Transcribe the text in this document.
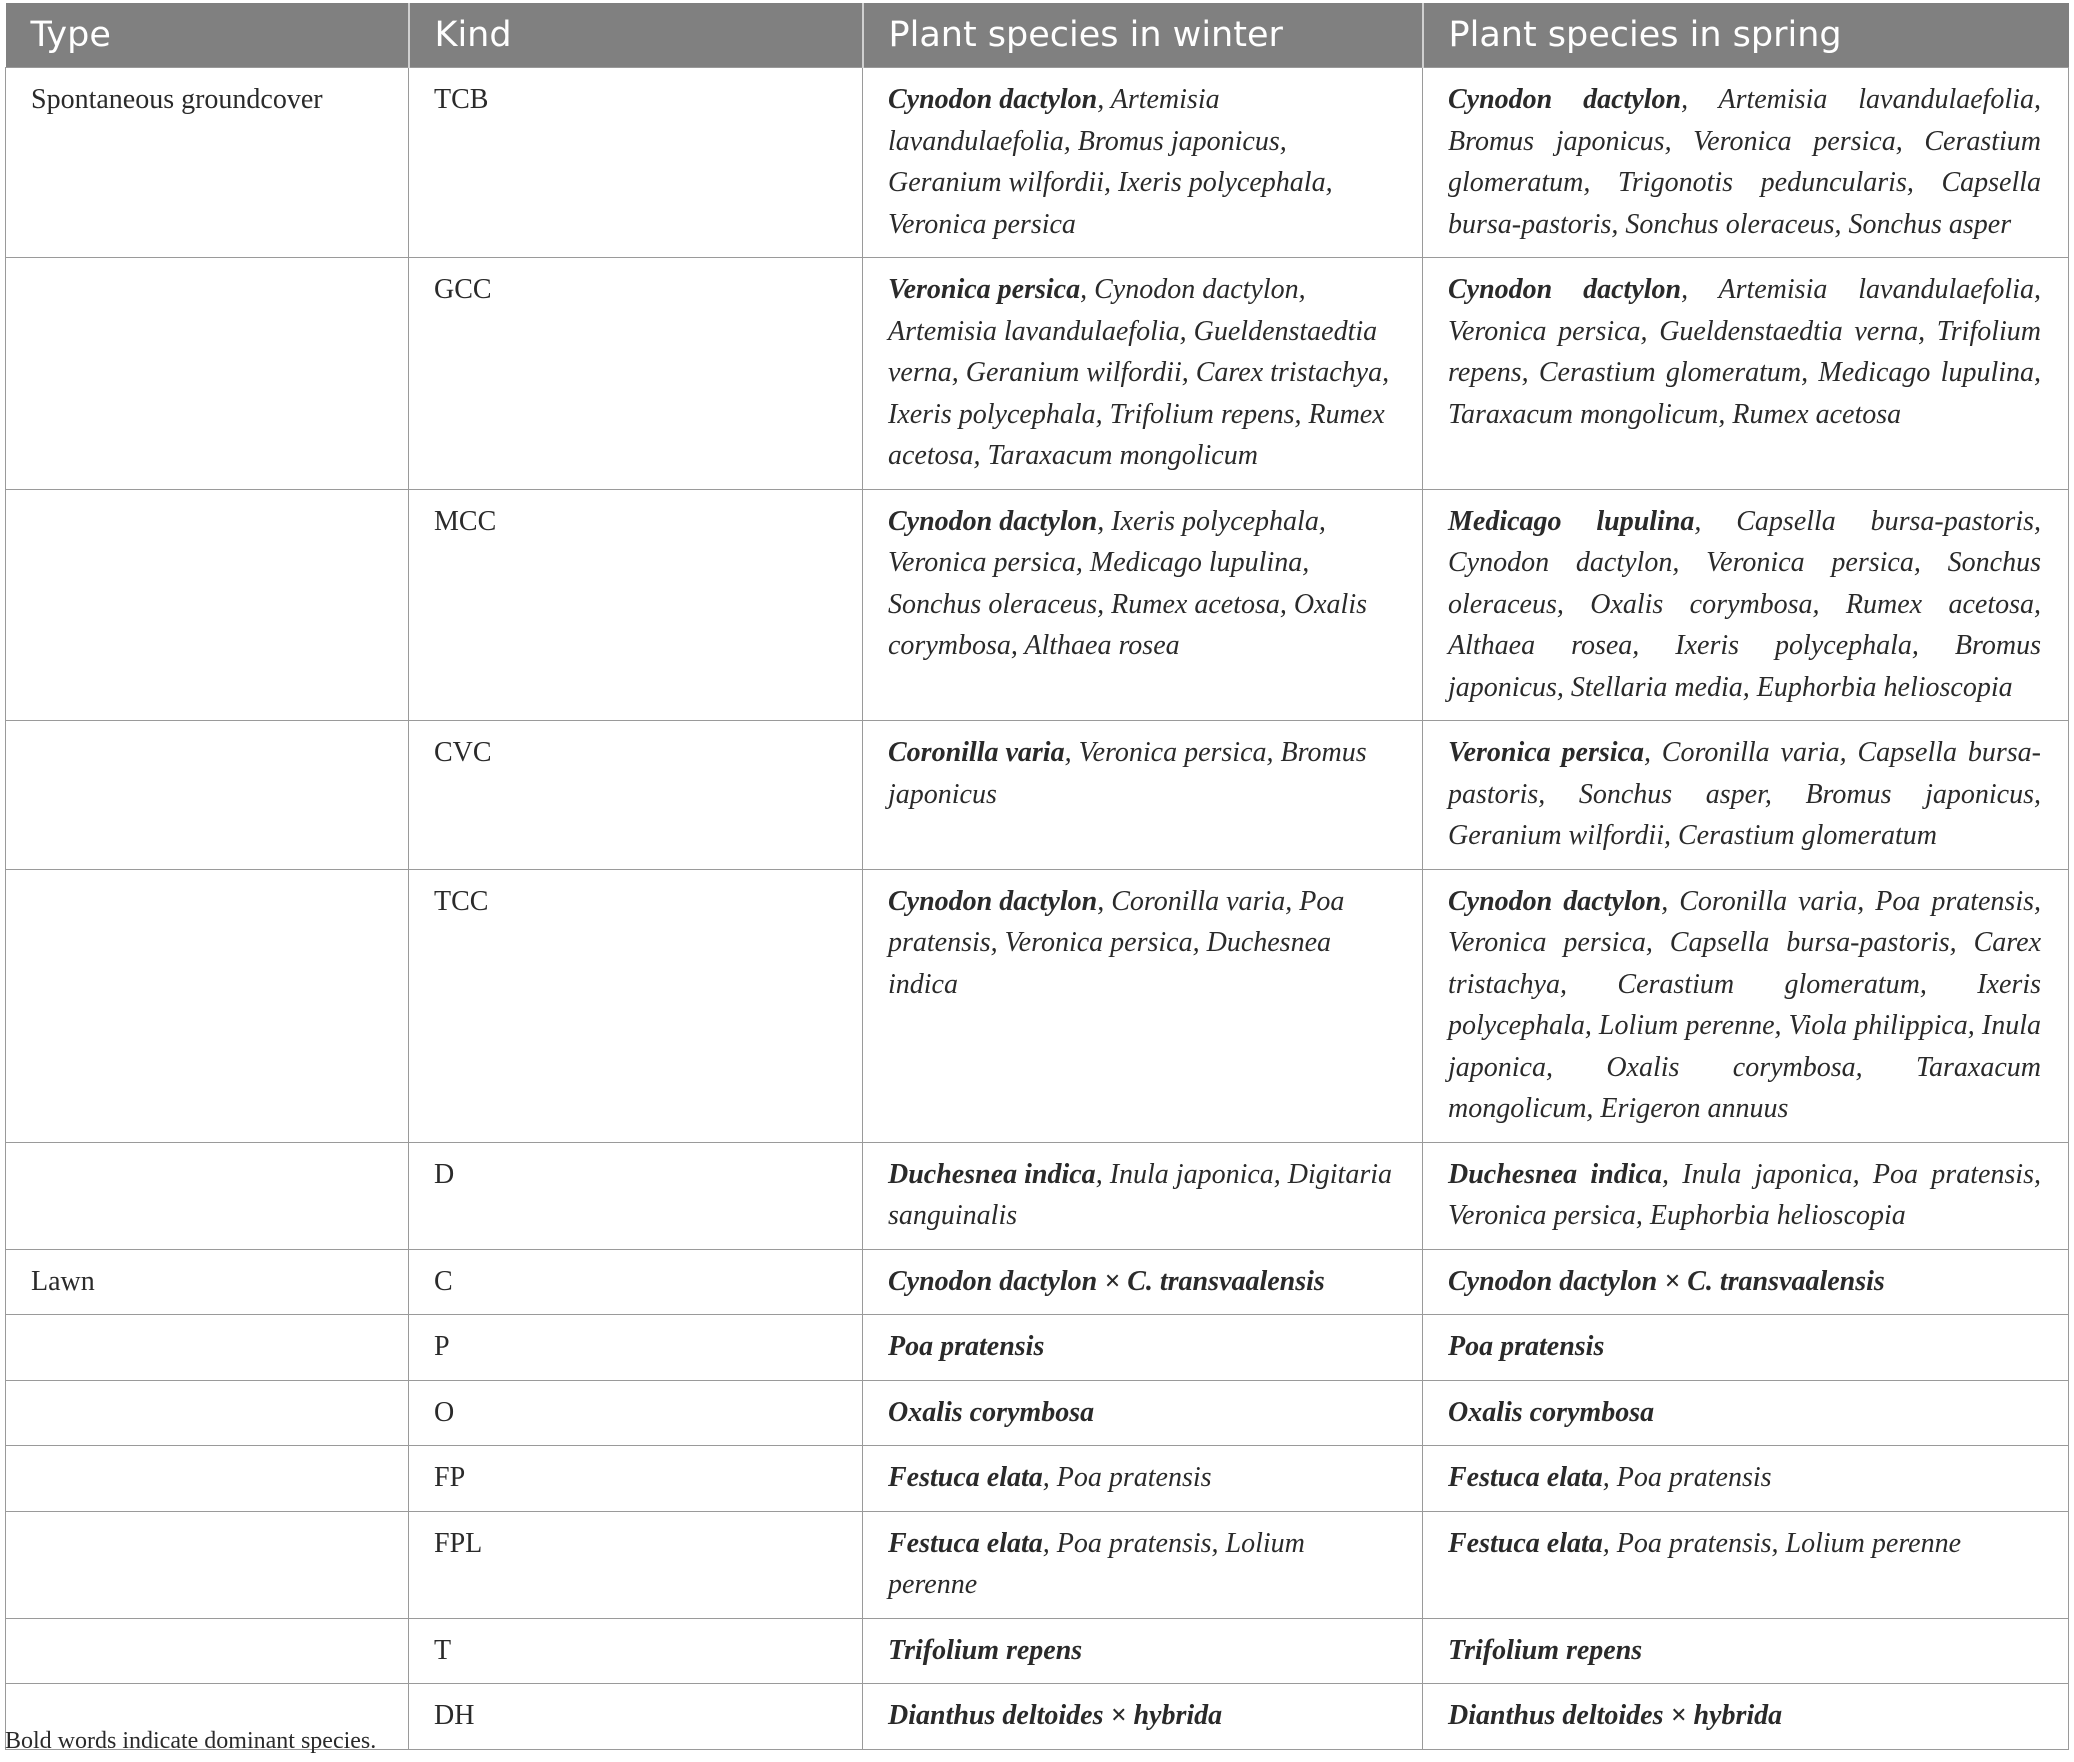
Type	Kind	Plant species in winter	Plant species in spring
Spontaneous groundcover	TCB	Cynodon dactylon, Artemisia lavandulaefolia, Bromus japonicus, Geranium wilfordii, Ixeris polycephala, Veronica persica	Cynodon dactylon, Artemisia lavandulaefolia, Bromus japonicus, Veronica persica, Cerastium glomeratum, Trigonotis peduncularis, Capsella bursa-pastoris, Sonchus oleraceus, Sonchus asper
	GCC	Veronica persica, Cynodon dactylon, Artemisia lavandulaefolia, Gueldenstaedtia verna, Geranium wilfordii, Carex tristachya, Ixeris polycephala, Trifolium repens, Rumex acetosa, Taraxacum mongolicum	Cynodon dactylon, Artemisia lavandulaefolia, Veronica persica, Gueldenstaedtia verna, Trifolium repens, Cerastium glomeratum, Medicago lupulina, Taraxacum mongolicum, Rumex acetosa
	MCC	Cynodon dactylon, Ixeris polycephala, Veronica persica, Medicago lupulina, Sonchus oleraceus, Rumex acetosa, Oxalis corymbosa, Althaea rosea	Medicago lupulina, Capsella bursa-pastoris, Cynodon dactylon, Veronica persica, Sonchus oleraceus, Oxalis corymbosa, Rumex acetosa, Althaea rosea, Ixeris polycephala, Bromus japonicus, Stellaria media, Euphorbia helioscopia
	CVC	Coronilla varia, Veronica persica, Bromus japonicus	Veronica persica, Coronilla varia, Capsella bursa-pastoris, Sonchus asper, Bromus japonicus, Geranium wilfordii, Cerastium glomeratum
	TCC	Cynodon dactylon, Coronilla varia, Poa pratensis, Veronica persica, Duchesnea indica	Cynodon dactylon, Coronilla varia, Poa pratensis, Veronica persica, Capsella bursa-pastoris, Carex tristachya, Cerastium glomeratum, Ixeris polycephala, Lolium perenne, Viola philippica, Inula japonica, Oxalis corymbosa, Taraxacum mongolicum, Erigeron annuus
	D	Duchesnea indica, Inula japonica, Digitaria sanguinalis	Duchesnea indica, Inula japonica, Poa pratensis, Veronica persica, Euphorbia helioscopia
Lawn	C	Cynodon dactylon × C. transvaalensis	Cynodon dactylon × C. transvaalensis
	P	Poa pratensis	Poa pratensis
	O	Oxalis corymbosa	Oxalis corymbosa
	FP	Festuca elata, Poa pratensis	Festuca elata, Poa pratensis
	FPL	Festuca elata, Poa pratensis, Lolium perenne	Festuca elata, Poa pratensis, Lolium perenne
	T	Trifolium repens	Trifolium repens
	DH	Dianthus deltoides × hybrida	Dianthus deltoides × hybrida
Bold words indicate dominant species.
